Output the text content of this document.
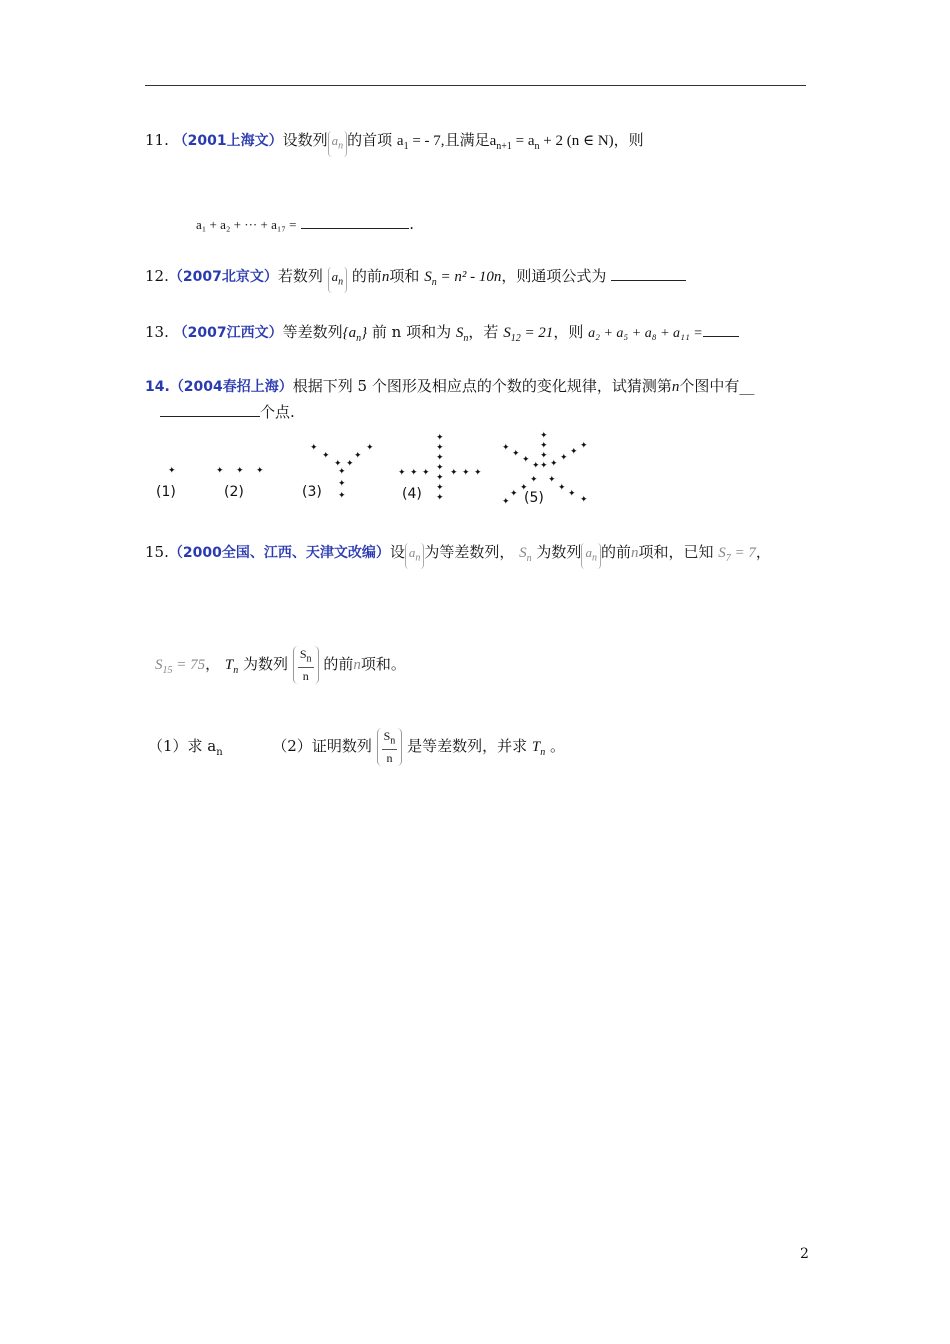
11. （2001上海文）设数列 $a_n$ 的首项 $a_1$ = - 7,且满足$a_{n+1} = a_n + 2$ (n ∈ N)，则
a₁ + a₂ + ··· + a₁₇ =	.
12.（2007北京文）若数列 $a_n$ 的前n项和 $S_n = n^2 - 10n$，则通项公式为
13. （2007江西文）等差数列$\{a_n\}$ 前 n 项和为 $S_n$，若 $S_{12} = 21$，则 a₂ + a₅ + a₈ + a₁₁ =
14.（2004春招上海）根据下列 5 个图形及相应点的个数的变化规律，试猜测第n个图中有__
个点.
✦	✦ ✦ ✦
✦
✦
✦
✦
✦
✦
✦
✦
✦
✦
✦
✦
✦
✦
✦
✦
✦ ✦ ✦ ✦ ✦ ✦
✦
✦
✦
✦
✦
✦
✦
✦
✦
✦
✦
✦
✦
✦
✦
✦
✦
✦
✦
✦
(1)	(2)	(3)	(4)	(5)
15.（2000全国、江西、天津文改编）设 $a_n$ 为等差数列， $S_n$ 为数列 $a_n$ 的前n项和，已知 $S_7 = 7$，
$S_{15} = 75$， $T_n$ 为数列 $\frac{S_n}{n}$ 的前n项和。
（1）求 $a_n$	（2）证明数列 $\frac{S_n}{n}$ 是等差数列，并求 $T_n$ 。
2
